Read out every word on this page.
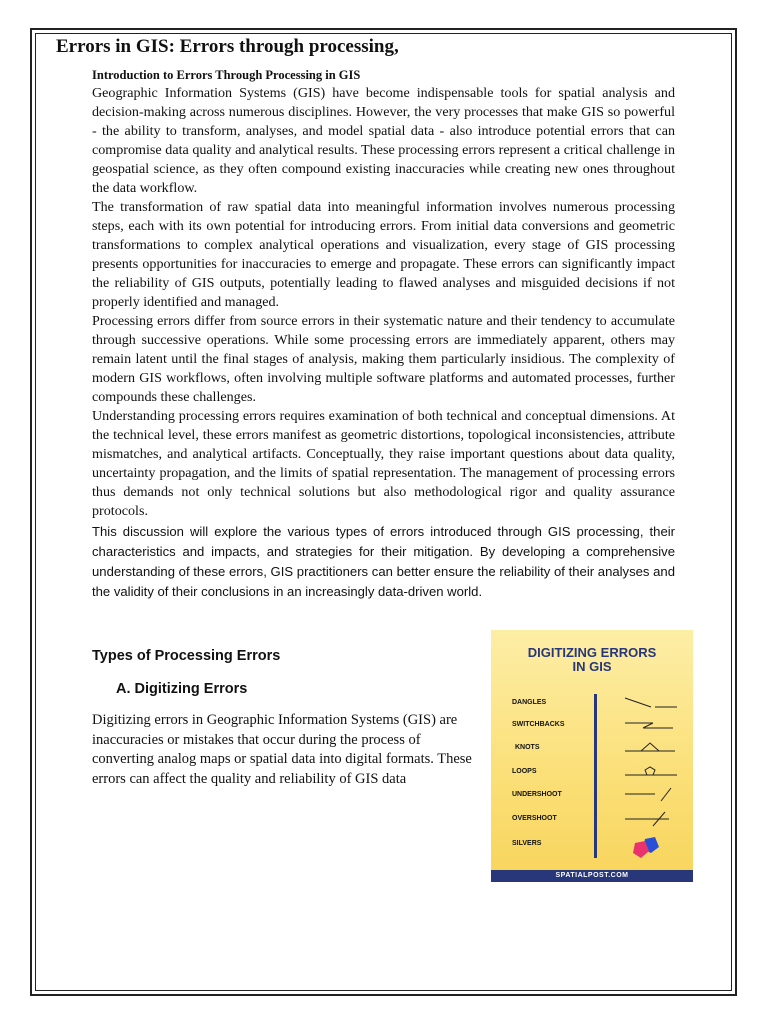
Errors in GIS: Errors through processing,
Introduction to Errors Through Processing in GIS

Geographic Information Systems (GIS) have become indispensable tools for spatial analysis and decision-making across numerous disciplines. However, the very processes that make GIS so powerful - the ability to transform, analyses, and model spatial data - also introduce potential errors that can compromise data quality and analytical results. These processing errors represent a critical challenge in geospatial science, as they often compound existing inaccuracies while creating new ones throughout the data workflow.

The transformation of raw spatial data into meaningful information involves numerous processing steps, each with its own potential for introducing errors. From initial data conversions and geometric transformations to complex analytical operations and visualization, every stage of GIS processing presents opportunities for inaccuracies to emerge and propagate. These errors can significantly impact the reliability of GIS outputs, potentially leading to flawed analyses and misguided decisions if not properly identified and managed.

Processing errors differ from source errors in their systematic nature and their tendency to accumulate through successive operations. While some processing errors are immediately apparent, others may remain latent until the final stages of analysis, making them particularly insidious. The complexity of modern GIS workflows, often involving multiple software platforms and automated processes, further compounds these challenges.

Understanding processing errors requires examination of both technical and conceptual dimensions. At the technical level, these errors manifest as geometric distortions, topological inconsistencies, attribute mismatches, and analytical artifacts. Conceptually, they raise important questions about data quality, uncertainty propagation, and the limits of spatial representation. The management of processing errors thus demands not only technical solutions but also methodological rigor and quality assurance protocols.

This discussion will explore the various types of errors introduced through GIS processing, their characteristics and impacts, and strategies for their mitigation. By developing a comprehensive understanding of these errors, GIS practitioners can better ensure the reliability of their analyses and the validity of their conclusions in an increasingly data-driven world.

Types of Processing Errors
A. Digitizing Errors

Digitizing errors in Geographic Information Systems (GIS) are inaccuracies or mistakes that occur during the process of converting analog maps or spatial data into digital formats. These errors can affect the quality and reliability of GIS data

DIGITIZING ERRORS
IN GIS
DANGLES
SWITCHBACKS
KNOTS
LOOPS
UNDERSHOOT
OVERSHOOT
SILVERS
SPATIALPOST.COM
